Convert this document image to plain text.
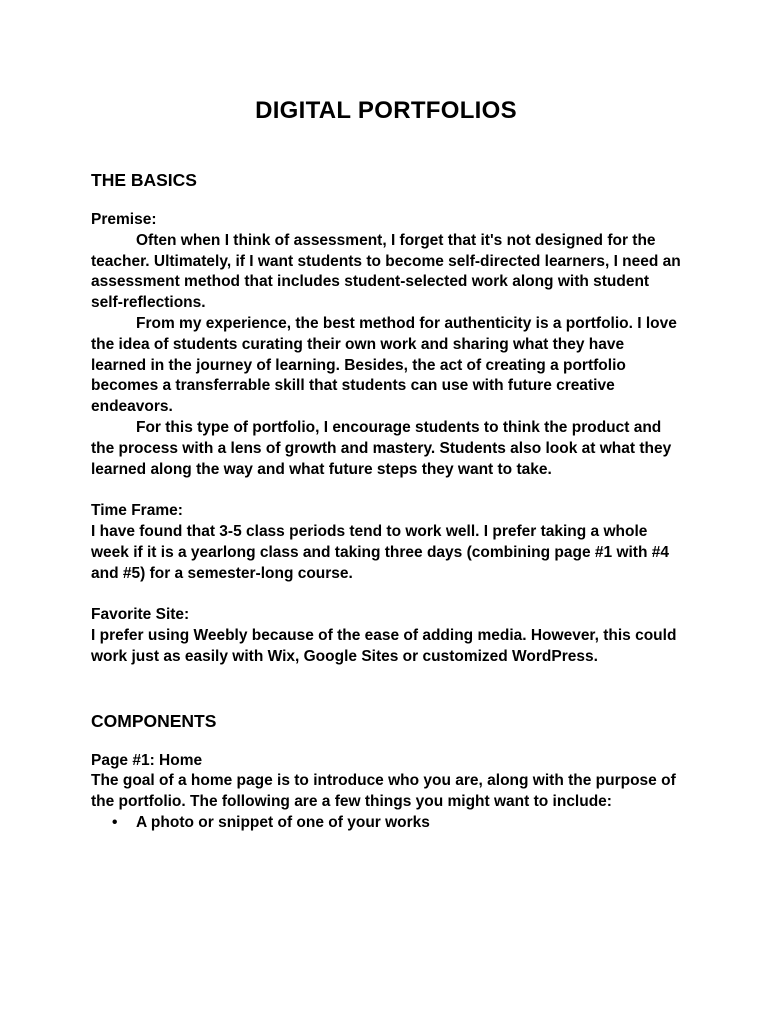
DIGITAL PORTFOLIOS
THE BASICS

Premise:

Often when I think of assessment, I forget that it's not designed for the teacher. Ultimately, if I want students to become self-directed learners, I need an assessment method that includes student-selected work along with student self-reflections.

From my experience, the best method for authenticity is a portfolio. I love the idea of students curating their own work and sharing what they have learned in the journey of learning. Besides, the act of creating a portfolio becomes a transferrable skill that students can use with future creative endeavors.

For this type of portfolio, I encourage students to think the product and the process with a lens of growth and mastery. Students also look at what they learned along the way and what future steps they want to take.

Time Frame:

I have found that 3-5 class periods tend to work well. I prefer taking a whole week if it is a yearlong class and taking three days (combining page #1 with #4 and #5) for a semester-long course.

Favorite Site:

I prefer using Weebly because of the ease of adding media. However, this could work just as easily with Wix, Google Sites or customized WordPress.

COMPONENTS

Page #1: Home

The goal of a home page is to introduce who you are, along with the purpose of the portfolio. The following are a few things you might want to include:

• A photo or snippet of one of your works
